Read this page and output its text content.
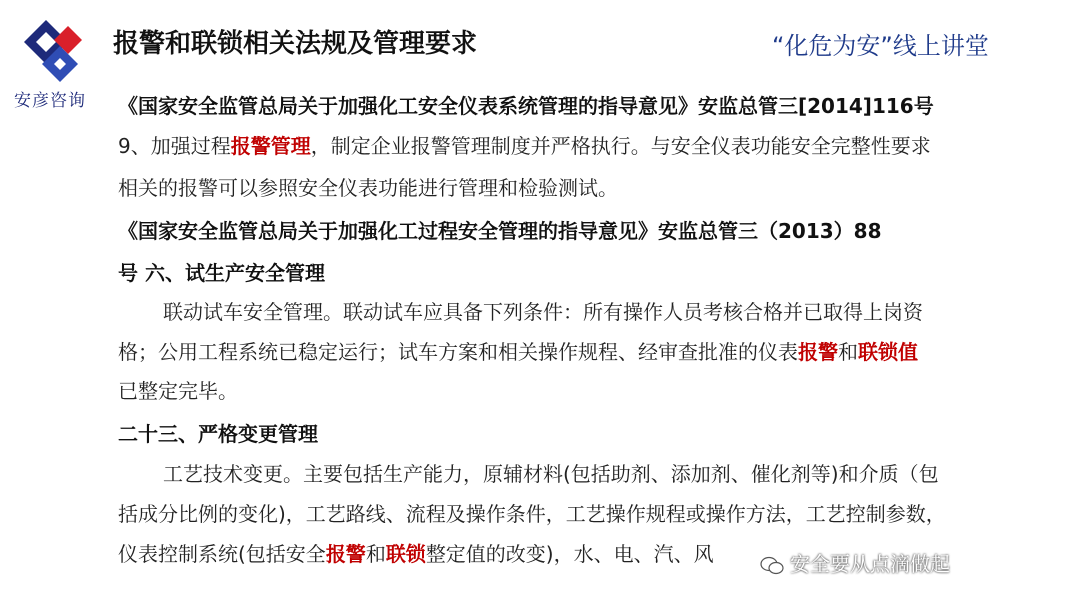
安彦咨询
报警和联锁相关法规及管理要求	“化危为安”线上讲堂
《国家安全监管总局关于加强化工安全仪表系统管理的指导意见》安监总管三[2014]116号
9、加强过程报警管理，制定企业报警管理制度并严格执行。与安全仪表功能安全完整性要求
相关的报警可以参照安全仪表功能进行管理和检验测试。
《国家安全监管总局关于加强化工过程安全管理的指导意见》安监总管三（2013）88
号 六、试生产安全管理
联动试车安全管理。联动试车应具备下列条件：所有操作人员考核合格并已取得上岗资
格；公用工程系统已稳定运行；试车方案和相关操作规程、经审查批准的仪表报警和联锁值
已整定完毕。
二十三、严格变更管理
工艺技术变更。主要包括生产能力，原辅材料(包括助剂、添加剂、催化剂等)和介质（包
括成分比例的变化)，工艺路线、流程及操作条件，工艺操作规程或操作方法，工艺控制参数，
仪表控制系统(包括安全报警和联锁整定值的改变)，水、电、汽、风	安全要从点滴做起
